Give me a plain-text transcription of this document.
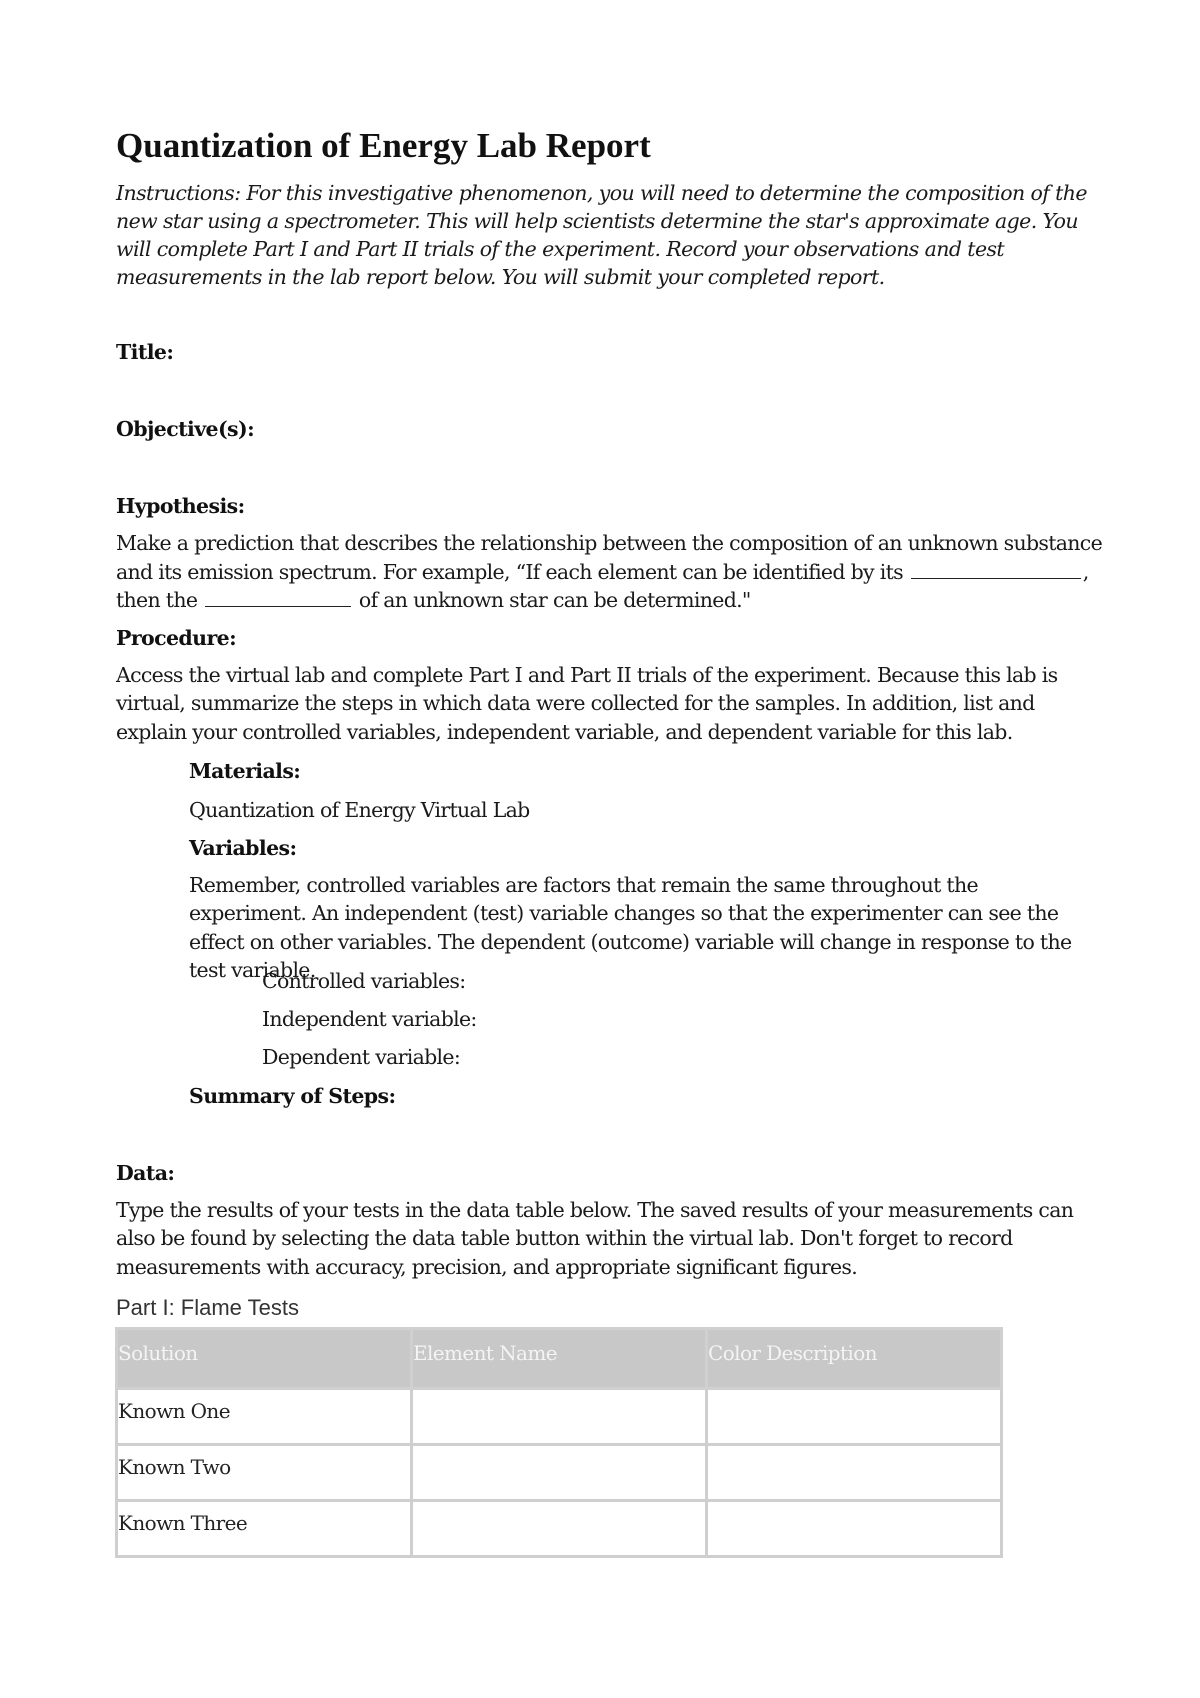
Quantization of Energy Lab Report
Instructions: For this investigative phenomenon, you will need to determine the composition of the new star using a spectrometer. This will help scientists determine the star's approximate age. You will complete Part I and Part II trials of the experiment. Record your observations and test measurements in the lab report below. You will submit your completed report.
Title:
Objective(s):
Hypothesis:
Make a prediction that describes the relationship between the composition of an unknown substance
and its emission spectrum. For example, “If each element can be identified by its	,
then the	of an unknown star can be determined."
Procedure:
Access the virtual lab and complete Part I and Part II trials of the experiment. Because this lab is virtual, summarize the steps in which data were collected for the samples. In addition, list and explain your controlled variables, independent variable, and dependent variable for this lab.
Materials:
Quantization of Energy Virtual Lab
Variables:
Remember, controlled variables are factors that remain the same throughout the experiment. An independent (test) variable changes so that the experimenter can see the effect on other variables. The dependent (outcome) variable will change in response to the test variable.
Controlled variables:
Independent variable:
Dependent variable:
Summary of Steps:
Data:
Type the results of your tests in the data table below. The saved results of your measurements can also be found by selecting the data table button within the virtual lab. Don't forget to record measurements with accuracy, precision, and appropriate significant figures.
Part I: Flame Tests
Solution	Element Name	Color Description
Known One		
Known Two		
Known Three		
